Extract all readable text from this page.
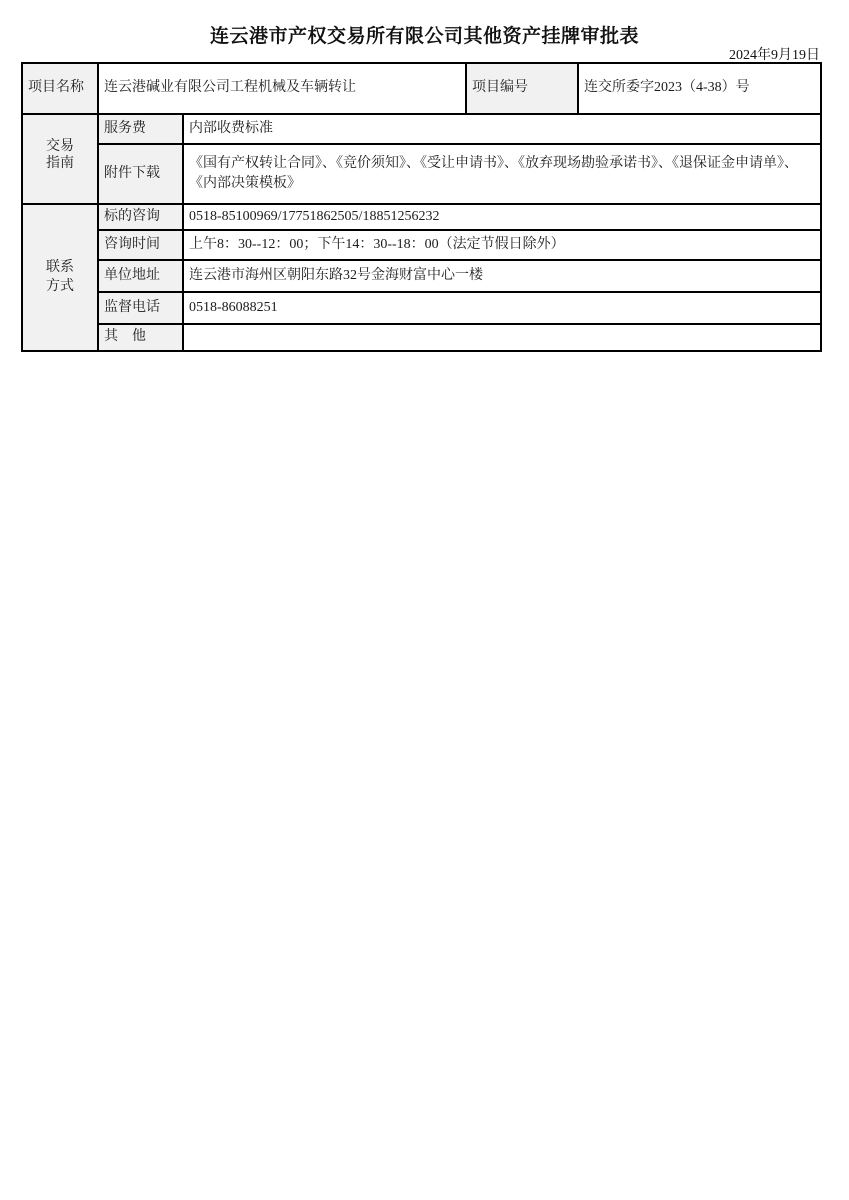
连云港市产权交易所有限公司其他资产挂牌审批表
2024年9月19日
项目名称	连云港碱业有限公司工程机械及车辆转让		项目编号	连交所委字2023（4-38）号

交易
指南	服务费	内部收费标准		
	附件下载	《国有产权转让合同》、《竞价须知》、《受让申请书》、《放弃现场勘验承诺书》、《退保证金申请单》、《内部决策模板》		

联系
方式	标的咨询	0518-85100969/17751862505/18851256232		
	咨询时间	上午8：30--12：00；下午14：30--18：00（法定节假日除外）		
	单位地址	连云港市海州区朝阳东路32号金海财富中心一楼		
	监督电话	0518-86088251		
	其　他			
